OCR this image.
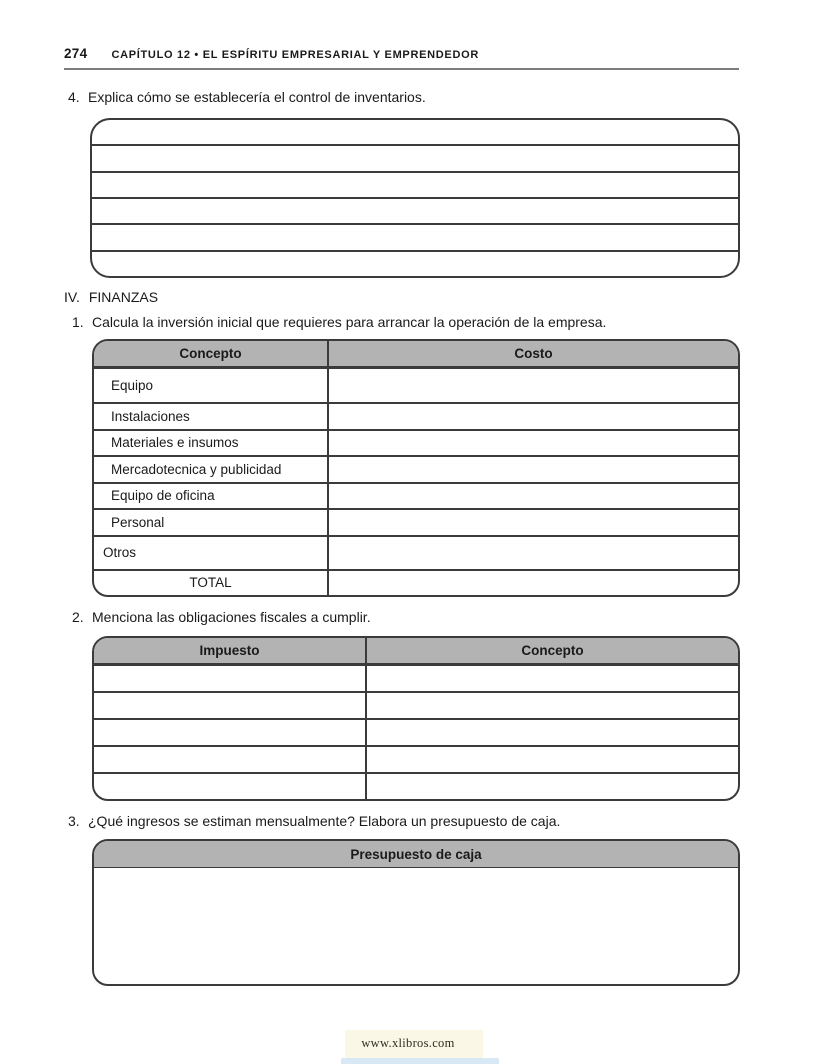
274 CAPÍTULO 12 • EL ESPÍRITU EMPRESARIAL Y EMPRENDEDOR
4. Explica cómo se establecería el control de inventarios.
IV. FINANZAS
1. Calcula la inversión inicial que requieres para arrancar la operación de la empresa.
Concepto	Costo
Equipo
Instalaciones
Materiales e insumos
Mercadotecnica y publicidad
Equipo de oficina
Personal
Otros
TOTAL
2. Menciona las obligaciones fiscales a cumplir.
Impuesto	Concepto
3. ¿Qué ingresos se estiman mensualmente? Elabora un presupuesto de caja.
Presupuesto de caja
www.xlibros.com
